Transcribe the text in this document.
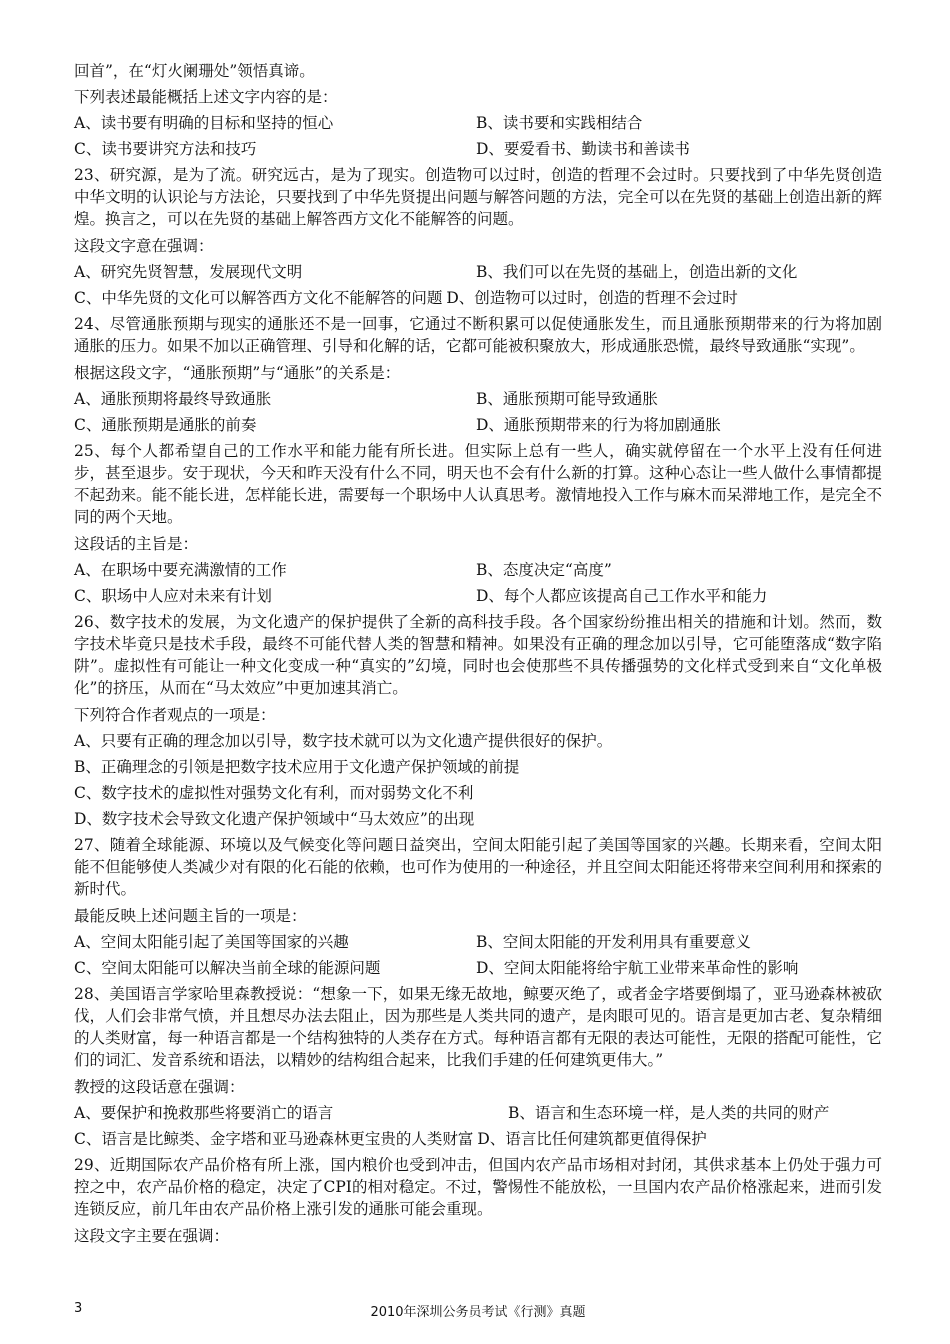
回首”，在“灯火阑珊处”领悟真谛。
下列表述最能概括上述文字内容的是：
A、读书要有明确的目标和坚持的恒心	B、读书要和实践相结合
C、读书要讲究方法和技巧	D、要爱看书、勤读书和善读书
23、研究源，是为了流。研究远古，是为了现实。创造物可以过时，创造的哲理不会过时。只要找到了中华先贤创造中华文明的认识论与方法论，只要找到了中华先贤提出问题与解答问题的方法，完全可以在先贤的基础上创造出新的辉煌。换言之，可以在先贤的基础上解答西方文化不能解答的问题。
这段文字意在强调：
A、研究先贤智慧，发展现代文明	B、我们可以在先贤的基础上，创造出新的文化
C、中华先贤的文化可以解答西方文化不能解答的问题 D、创造物可以过时，创造的哲理不会过时
24、尽管通胀预期与现实的通胀还不是一回事，它通过不断积累可以促使通胀发生，而且通胀预期带来的行为将加剧通胀的压力。如果不加以正确管理、引导和化解的话，它都可能被积聚放大，形成通胀恐慌，最终导致通胀“实现”。
根据这段文字，“通胀预期”与“通胀”的关系是：
A、通胀预期将最终导致通胀	B、通胀预期可能导致通胀
C、通胀预期是通胀的前奏	D、通胀预期带来的行为将加剧通胀
25、每个人都希望自己的工作水平和能力能有所长进。但实际上总有一些人，确实就停留在一个水平上没有任何进步，甚至退步。安于现状，今天和昨天没有什么不同，明天也不会有什么新的打算。这种心态让一些人做什么事情都提不起劲来。能不能长进，怎样能长进，需要每一个职场中人认真思考。激情地投入工作与麻木而呆滞地工作，是完全不同的两个天地。
这段话的主旨是：
A、在职场中要充满激情的工作	B、态度决定“高度”
C、职场中人应对未来有计划	D、每个人都应该提高自己工作水平和能力
26、数字技术的发展，为文化遗产的保护提供了全新的高科技手段。各个国家纷纷推出相关的措施和计划。然而，数字技术毕竟只是技术手段，最终不可能代替人类的智慧和精神。如果没有正确的理念加以引导，它可能堕落成“数字陷阱”。虚拟性有可能让一种文化变成一种“真实的”幻境，同时也会使那些不具传播强势的文化样式受到来自“文化单极化”的挤压，从而在“马太效应”中更加速其消亡。
下列符合作者观点的一项是：
A、只要有正确的理念加以引导，数字技术就可以为文化遗产提供很好的保护。
B、正确理念的引领是把数字技术应用于文化遗产保护领域的前提
C、数字技术的虚拟性对强势文化有利，而对弱势文化不利
D、数字技术会导致文化遗产保护领域中“马太效应”的出现
27、随着全球能源、环境以及气候变化等问题日益突出，空间太阳能引起了美国等国家的兴趣。长期来看，空间太阳能不但能够使人类减少对有限的化石能的依赖，也可作为使用的一种途径，并且空间太阳能还将带来空间利用和探索的新时代。
最能反映上述问题主旨的一项是：
A、空间太阳能引起了美国等国家的兴趣	B、空间太阳能的开发利用具有重要意义
C、空间太阳能可以解决当前全球的能源问题	D、空间太阳能将给宇航工业带来革命性的影响
28、美国语言学家哈里森教授说：“想象一下，如果无缘无故地，鲸要灭绝了，或者金字塔要倒塌了，亚马逊森林被砍伐，人们会非常气愤，并且想尽办法去阻止，因为那些是人类共同的遗产，是肉眼可见的。语言是更加古老、复杂精细的人类财富，每一种语言都是一个结构独特的人类存在方式。每种语言都有无限的表达可能性，无限的搭配可能性，它们的词汇、发音系统和语法，以精妙的结构组合起来，比我们手建的任何建筑更伟大。”
教授的这段话意在强调：
A、要保护和挽救那些将要消亡的语言	B、语言和生态环境一样，是人类的共同的财产
C、语言是比鲸类、金字塔和亚马逊森林更宝贵的人类财富 D、语言比任何建筑都更值得保护
29、近期国际农产品价格有所上涨，国内粮价也受到冲击，但国内农产品市场相对封闭，其供求基本上仍处于强力可控之中，农产品价格的稳定，决定了CPI的相对稳定。不过，警惕性不能放松，一旦国内农产品价格涨起来，进而引发连锁反应，前几年由农产品价格上涨引发的通胀可能会重现。
这段文字主要在强调：
3	2010年深圳公务员考试《行测》真题
